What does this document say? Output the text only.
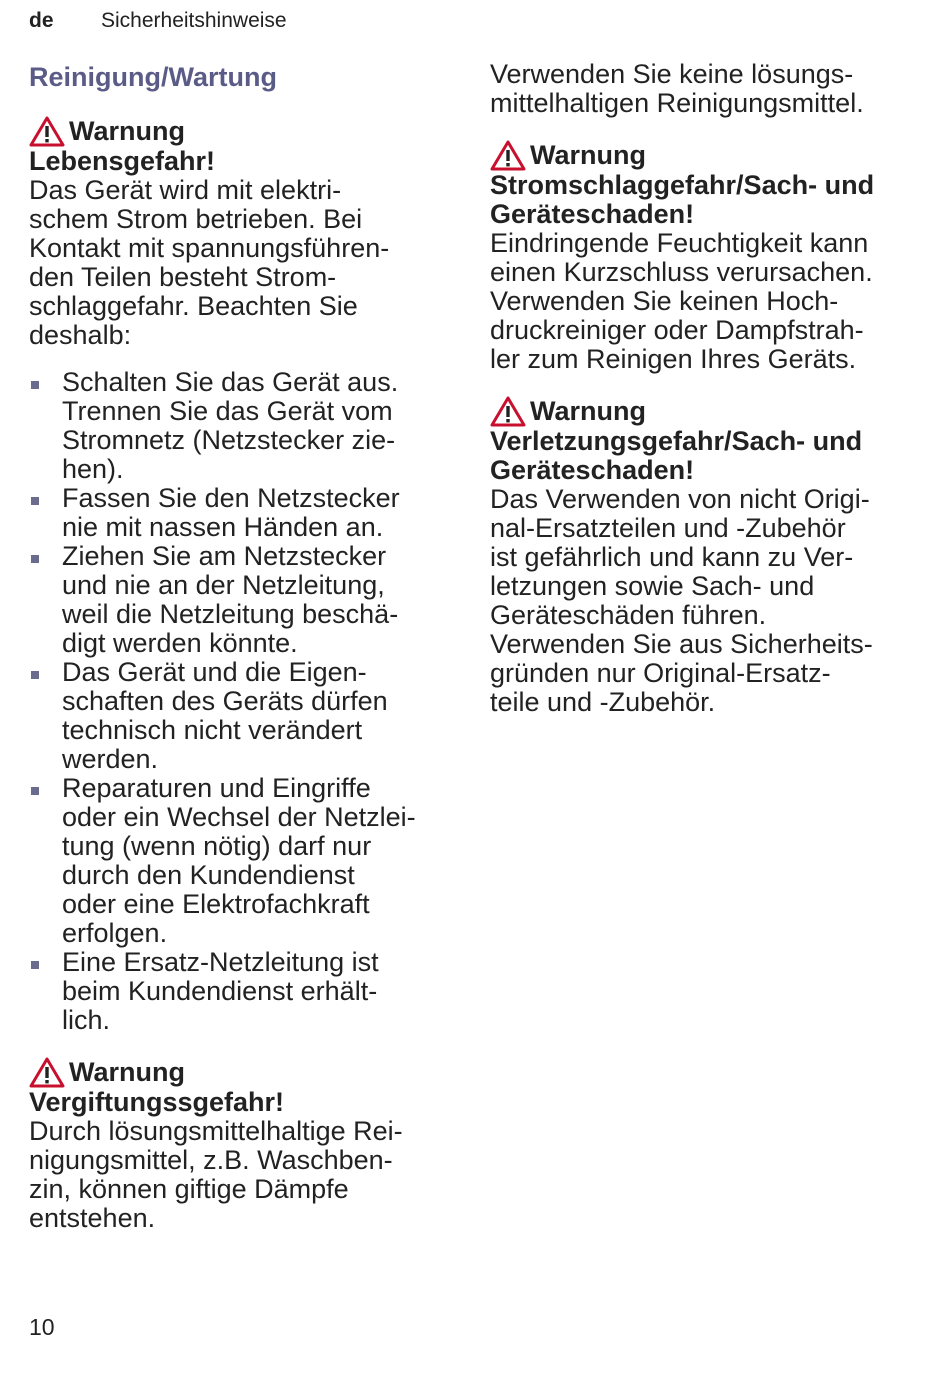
de Sicherheitshinweise
Reinigung/Wartung
Warnung
Lebensgefahr!
Das Gerät wird mit elektri-
schem Strom betrieben. Bei
Kontakt mit spannungsführen-
den Teilen besteht Strom-
schlaggefahr. Beachten Sie
deshalb:
Schalten Sie das Gerät aus.
Trennen Sie das Gerät vom
Stromnetz (Netzstecker zie-
hen).
Fassen Sie den Netzstecker
nie mit nassen Händen an.
Ziehen Sie am Netzstecker
und nie an der Netzleitung,
weil die Netzleitung beschä-
digt werden könnte.
Das Gerät und die Eigen-
schaften des Geräts dürfen
technisch nicht verändert
werden.
Reparaturen und Eingriffe
oder ein Wechsel der Netzlei-
tung (wenn nötig) darf nur
durch den Kundendienst
oder eine Elektrofachkraft
erfolgen.
Eine Ersatz-Netzleitung ist
beim Kundendienst erhält-
lich.
Warnung
Vergiftungssgefahr!
Durch lösungsmittelhaltige Rei-
nigungsmittel, z.B. Waschben-
zin, können giftige Dämpfe
entstehen.
Verwenden Sie keine lösungs-
mittelhaltigen Reinigungsmittel.
Warnung
Stromschlaggefahr/Sach- und
Geräteschaden!
Eindringende Feuchtigkeit kann
einen Kurzschluss verursachen.
Verwenden Sie keinen Hoch-
druckreiniger oder Dampfstrah-
ler zum Reinigen Ihres Geräts.
Warnung
Verletzungsgefahr/Sach- und
Geräteschaden!
Das Verwenden von nicht Origi-
nal-Ersatzteilen und -Zubehör
ist gefährlich und kann zu Ver-
letzungen sowie Sach- und
Geräteschäden führen.
Verwenden Sie aus Sicherheits-
gründen nur Original-Ersatz-
teile und -Zubehör.
10
